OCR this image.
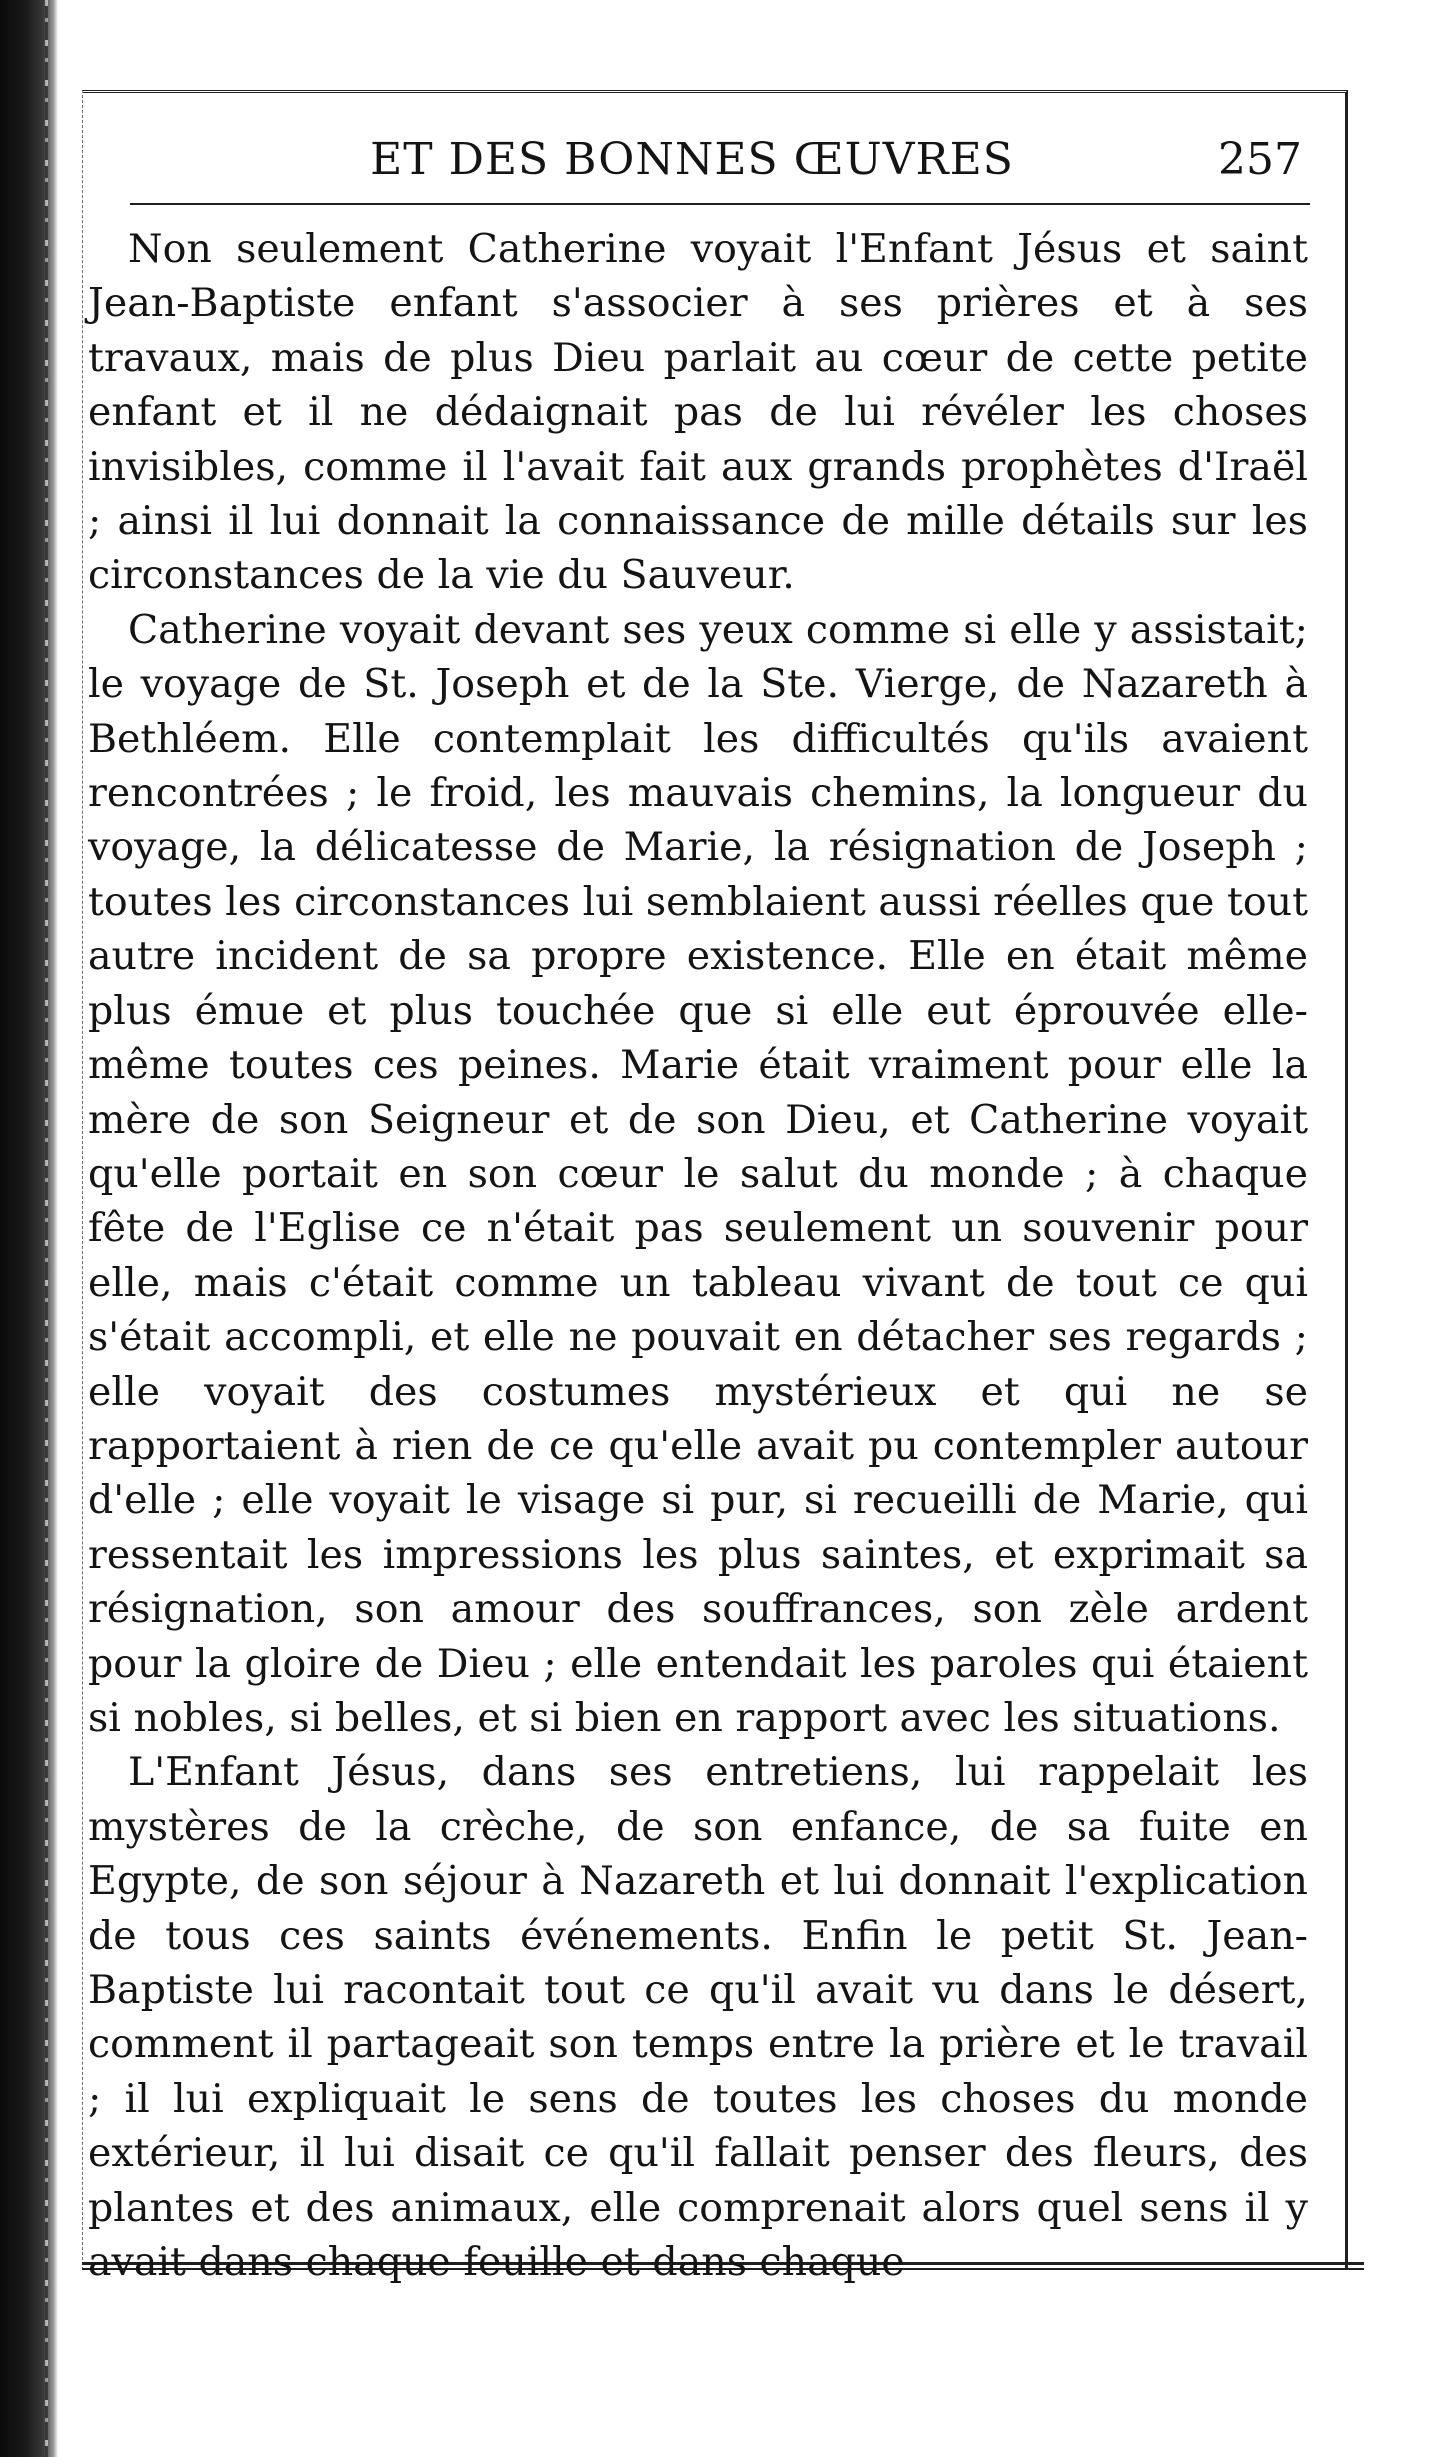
ET DES BONNES ŒUVRES	257

Non seulement Catherine voyait l'Enfant Jésus et saint Jean-Baptiste enfant s'associer à ses prières et à ses travaux, mais de plus Dieu parlait au cœur de cette petite enfant et il ne dédaignait pas de lui révéler les choses invisibles, comme il l'avait fait aux grands prophètes d'Iraël ; ainsi il lui donnait la connaissance de mille détails sur les circonstances de la vie du Sauveur.

Catherine voyait devant ses yeux comme si elle y assistait; le voyage de St. Joseph et de la Ste. Vierge, de Nazareth à Bethléem. Elle contemplait les difficultés qu'ils avaient rencontrées ; le froid, les mauvais chemins, la longueur du voyage, la délicatesse de Marie, la résignation de Joseph ; toutes les circonstances lui semblaient aussi réelles que tout autre incident de sa propre existence. Elle en était même plus émue et plus touchée que si elle eut éprouvée elle-même toutes ces peines. Marie était vraiment pour elle la mère de son Seigneur et de son Dieu, et Catherine voyait qu'elle portait en son cœur le salut du monde ; à chaque fête de l'Eglise ce n'était pas seulement un souvenir pour elle, mais c'était comme un tableau vivant de tout ce qui s'était accompli, et elle ne pouvait en détacher ses regards ; elle voyait des costumes mystérieux et qui ne se rapportaient à rien de ce qu'elle avait pu contempler autour d'elle ; elle voyait le visage si pur, si recueilli de Marie, qui ressentait les impressions les plus saintes, et exprimait sa résignation, son amour des souffrances, son zèle ardent pour la gloire de Dieu ; elle entendait les paroles qui étaient si nobles, si belles, et si bien en rapport avec les situations.

L'Enfant Jésus, dans ses entretiens, lui rappelait les mystères de la crèche, de son enfance, de sa fuite en Egypte, de son séjour à Nazareth et lui donnait l'explication de tous ces saints événements. Enfin le petit St. Jean-Baptiste lui racontait tout ce qu'il avait vu dans le désert, comment il partageait son temps entre la prière et le travail ; il lui expliquait le sens de toutes les choses du monde extérieur, il lui disait ce qu'il fallait penser des fleurs, des plantes et des animaux, elle comprenait alors quel sens il y avait dans chaque feuille et dans chaque
